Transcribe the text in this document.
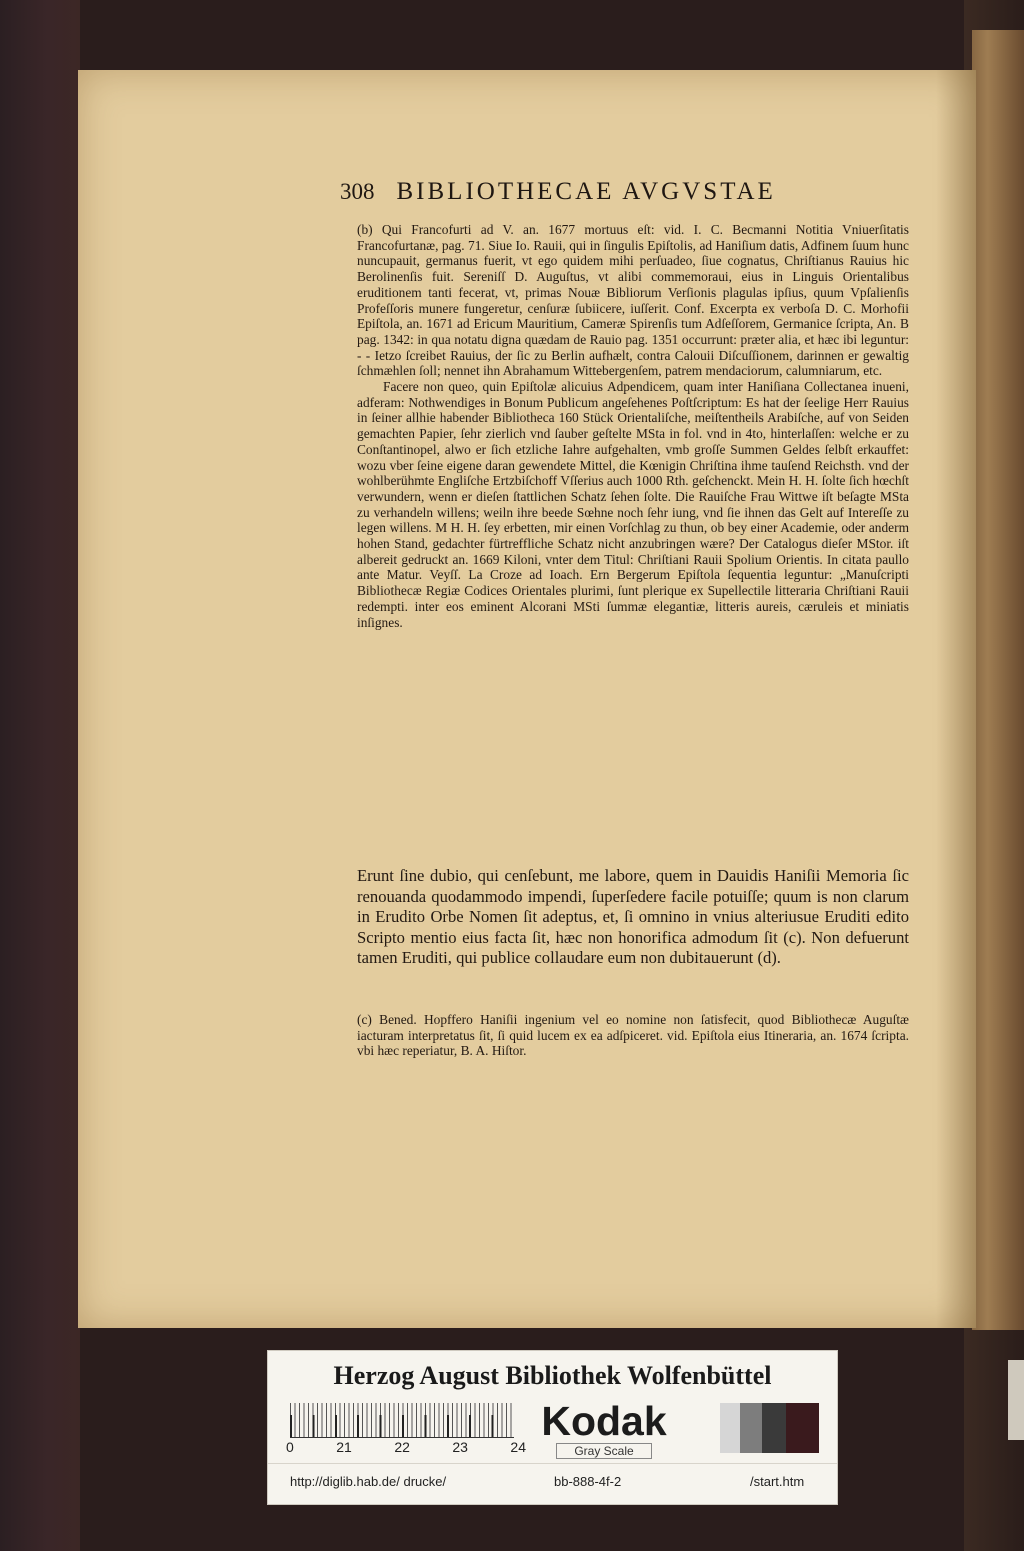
308 BIBLIOTHECAE AVGVSTAE

(b) Qui Francofurti ad V. an. 1677 mortuus eſt: vid. I. C. Becmanni Notitia Vniuerſitatis Francofurtanæ, pag. 71. Siue Io. Rauii, qui in ſingulis Epiſtolis, ad Haniſium datis, Adfinem ſuum hunc nuncupauit, germanus fuerit, vt ego quidem mihi perſuadeo, ſiue cognatus, Chriſtianus Rauius hic Berolinenſis fuit. Sereniſſ D. Auguſtus, vt alibi commemoraui, eius in Linguis Orientalibus eruditionem tanti fecerat, vt, primas Nouæ Bibliorum Verſionis plagulas ipſius, quum Vpſalienſis Profeſſoris munere fungeretur, cenſuræ ſubiicere, iuſſerit. Conf. Excerpta ex verboſa D. C. Morhofii Epiſtola, an. 1671 ad Ericum Mauritium, Cameræ Spirenſis tum Adſeſſorem, Germanice ſcripta, An. B pag. 1342: in qua notatu digna quædam de Rauio pag. 1351 occurrunt: præter alia, et hæc ibi leguntur: - - Ietzo ſcreibet Rauius, der ſic zu Berlin aufhælt, contra Calouii Diſcuſſionem, darinnen er gewaltig ſchmæhlen ſoll; nennet ihn Abrahamum Wittebergenſem, patrem mendaciorum, calumniarum, etc.

Facere non queo, quin Epiſtolæ alicuius Adpendicem, quam inter Haniſiana Collectanea inueni, adferam: Nothwendiges in Bonum Publicum angeſehenes Poſtſcriptum: Es hat der ſeelige Herr Rauius in ſeiner allhie habender Bibliotheca 160 Stück Orientaliſche, meiſtentheils Arabiſche, auf von Seiden gemachten Papier, ſehr zierlich vnd ſauber geſtelte MSta in fol. vnd in 4to, hinterlaſſen: welche er zu Conſtantinopel, alwo er ſich etzliche Iahre aufgehalten, vmb groſſe Summen Geldes ſelbſt erkauffet: wozu vber ſeine eigene daran gewendete Mittel, die Kœnigin Chriſtina ihme tauſend Reichsth. vnd der wohlberühmte Engliſche Ertzbiſchoff Vſſerius auch 1000 Rth. geſchenckt. Mein H. H. ſolte ſich hœchſt verwundern, wenn er dieſen ſtattlichen Schatz ſehen ſolte. Die Rauiſche Frau Wittwe iſt beſagte MSta zu verhandeln willens; weiln ihre beede Sœhne noch ſehr iung, vnd ſie ihnen das Gelt auf Intereſſe zu legen willens. M H. H. ſey erbetten, mir einen Vorſchlag zu thun, ob bey einer Academie, oder anderm hohen Stand, gedachter fürtreffliche Schatz nicht anzubringen wære? Der Catalogus dieſer MStor. iſt albereit gedruckt an. 1669 Kiloni, vnter dem Titul: Chriſtiani Rauii Spolium Orientis. In citata paullo ante Matur. Veyſſ. La Croze ad Ioach. Ern Bergerum Epiſtola ſequentia leguntur: „Manuſcripti Bibliothecæ Regiæ Codices Orientales plurimi, ſunt plerique ex Supellectile litteraria Chriſtiani Rauii redempti. inter eos eminent Alcorani MSti ſummæ elegantiæ, litteris aureis, cæruleis et miniatis inſignes.

Erunt ſine dubio, qui cenſebunt, me labore, quem in Dauidis Haniſii Memoria ſic renouanda quodammodo impendi, ſuperſedere facile potuiſſe; quum is non clarum in Erudito Orbe Nomen ſit adeptus, et, ſi omnino in vnius alteriusue Eruditi edito Scripto mentio eius facta ſit, hæc non honorifica admodum ſit (c). Non defuerunt tamen Eruditi, qui publice collaudare eum non dubitauerunt (d).
(c) Bened. Hopffero Haniſii ingenium vel eo nomine non ſatisfecit, quod Bibliothecæ Auguſtæ iacturam interpretatus ſit, ſi quid lucem ex ea adſpiceret. vid. Epiſtola eius Itineraria, an. 1674 ſcripta. vbi hæc reperiatur, B. A. Hiſtor.
Herzog August Bibliothek Wolfenbüttel
0	21	22	23	24
Kodak
Gray Scale
http://diglib.hab.de/ drucke/	bb-888-4f-2	/start.htm
